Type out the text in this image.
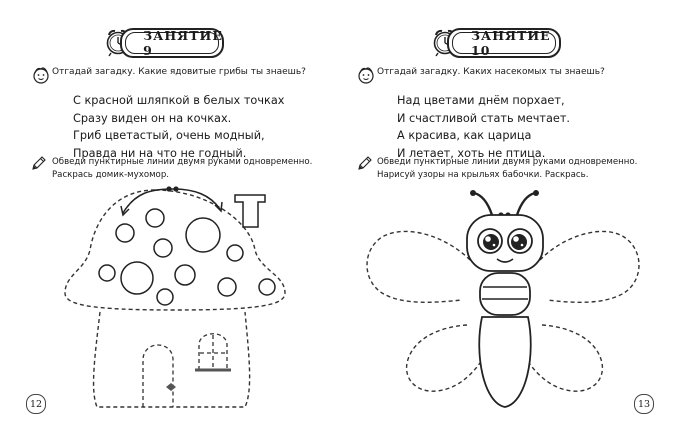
ЗАНЯТИЕ 9
Отгадай загадку. Какие ядовитые грибы ты знаешь?
С красной шляпкой в белых точках
Сразу виден он на кочках.
Гриб цветастый, очень модный,
Правда ни на что не годный.
Обведи пунктирные линии двумя руками одновременно.
Раскрась домик-мухомор.
12
ЗАНЯТИЕ 10
Отгадай загадку. Каких насекомых ты знаешь?
Над цветами днём порхает,
И счастливой стать мечтает.
А красива, как царица
И летает, хоть не птица.
Обведи пунктирные линии двумя руками одновременно.
Нарисуй узоры на крыльях бабочки. Раскрась.
13
